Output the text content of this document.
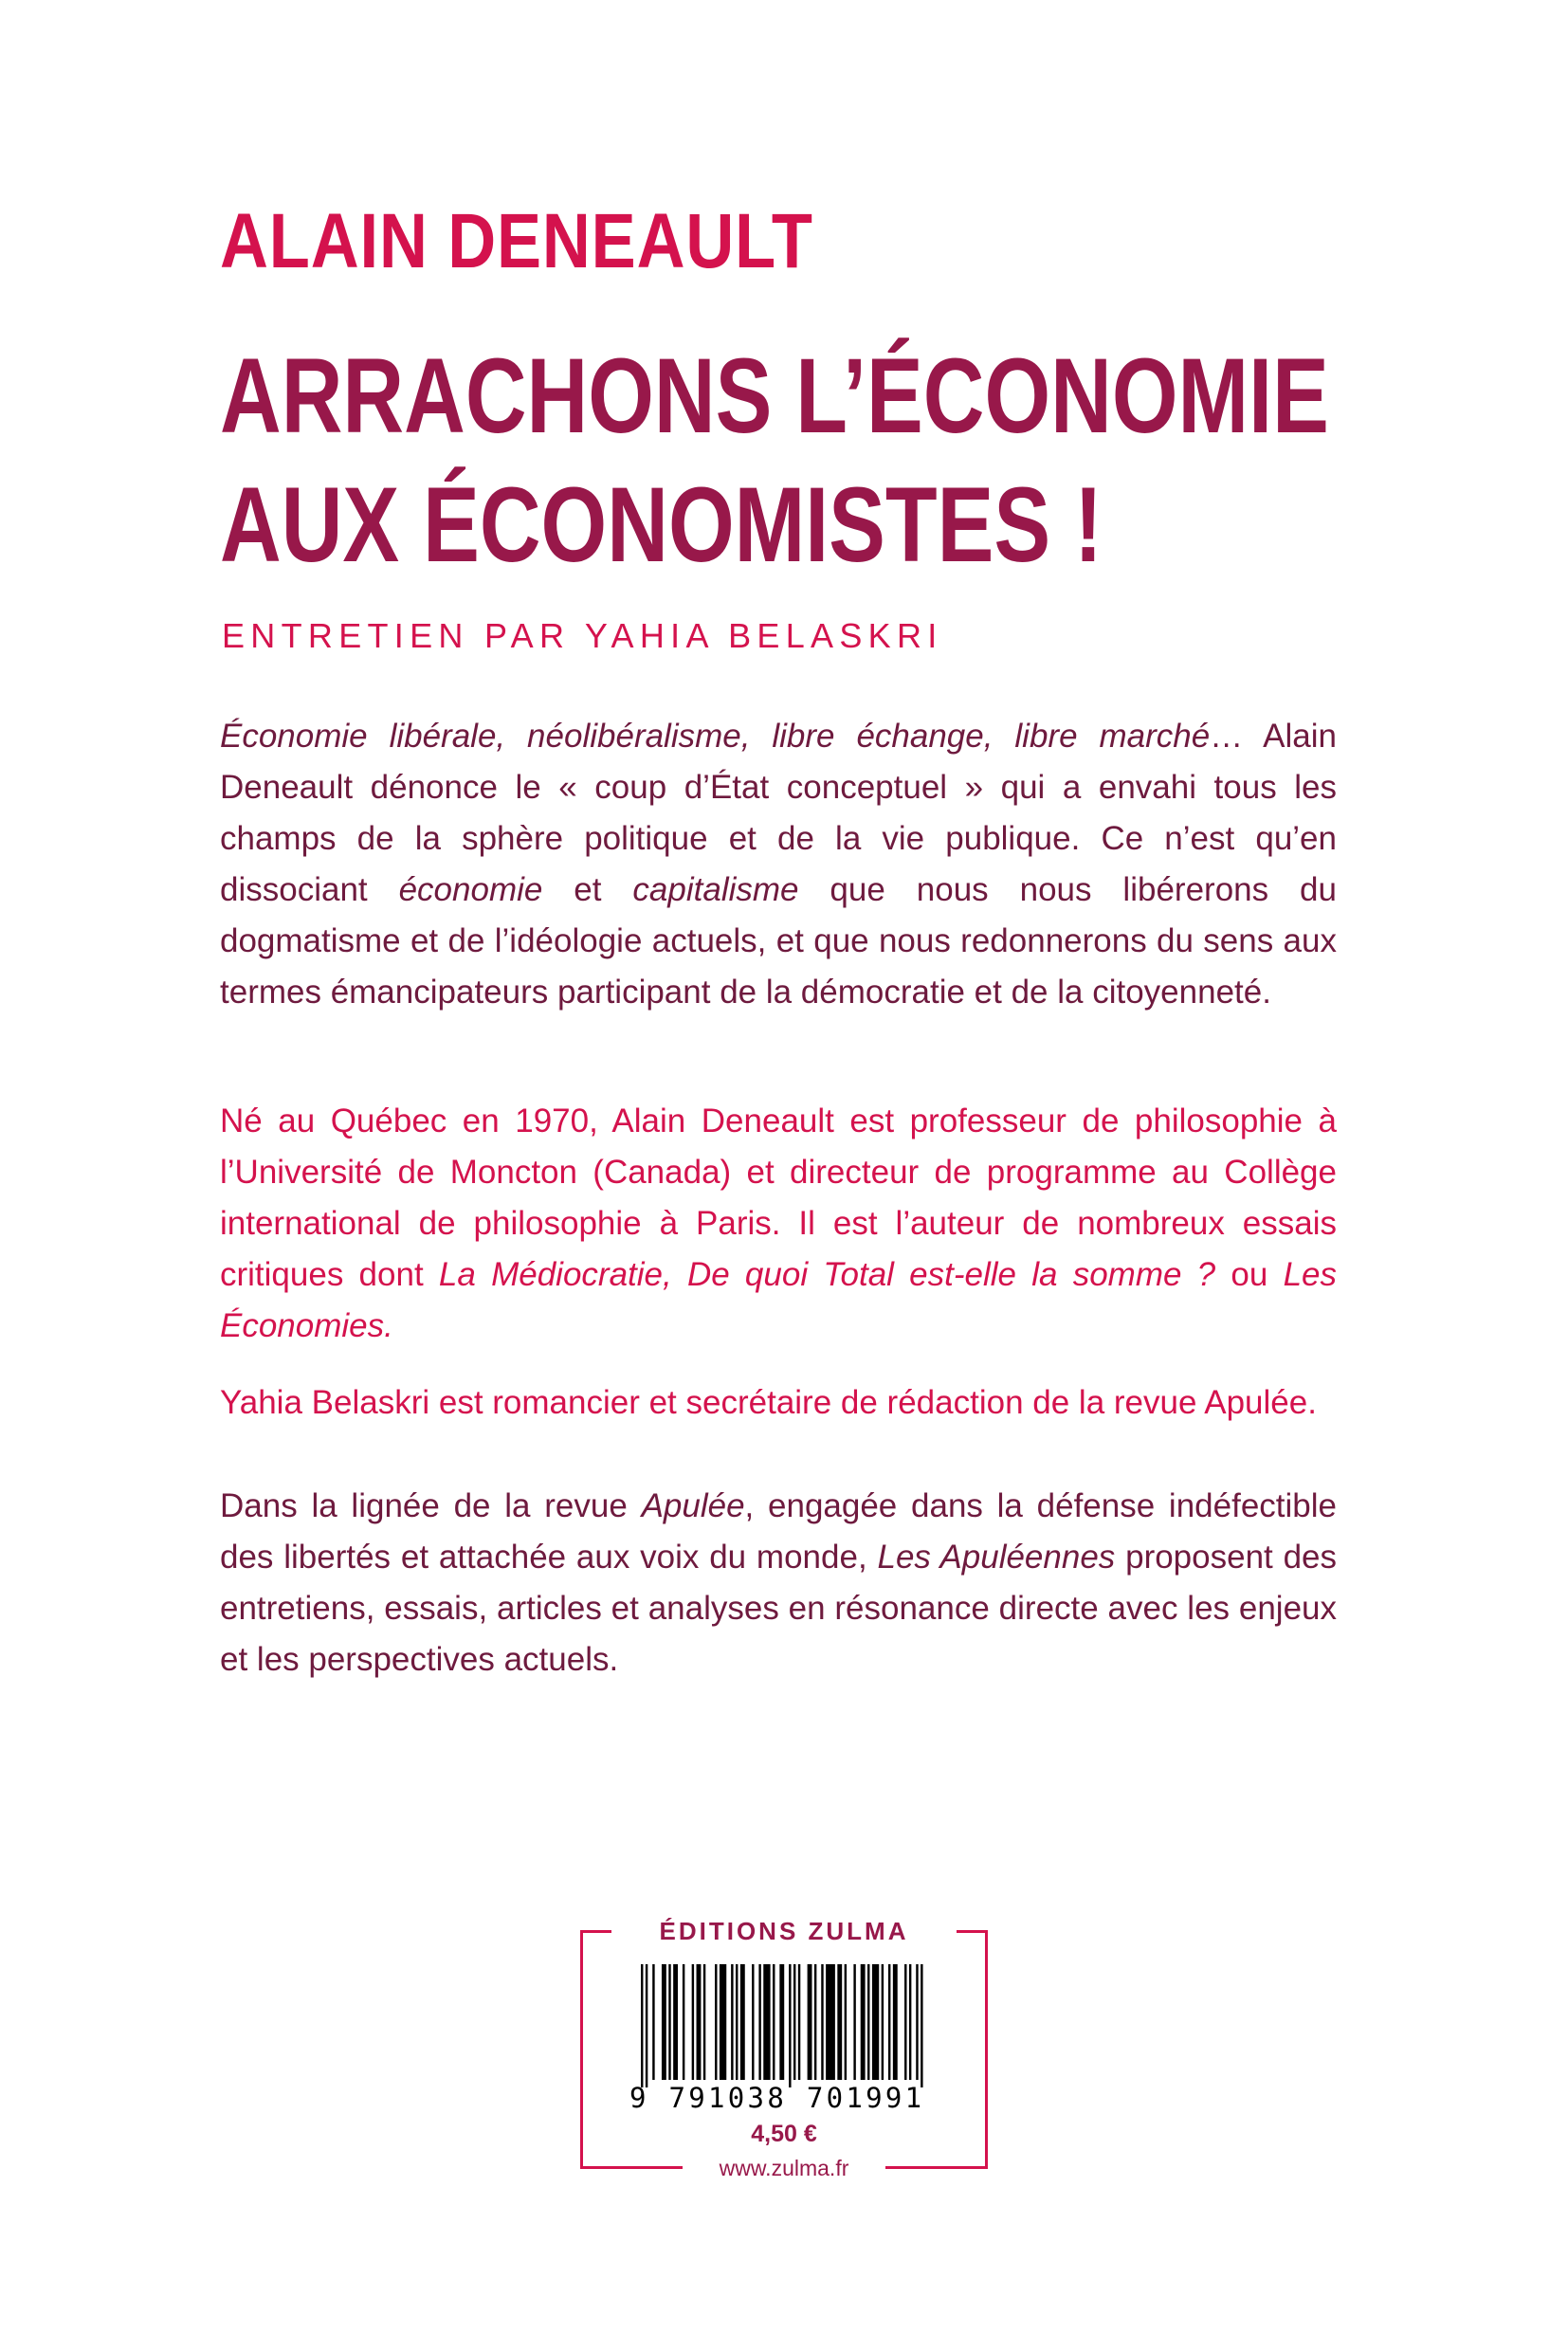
ALAIN DENEAULT
ARRACHONS L’ÉCONOMIE
AUX ÉCONOMISTES !
ENTRETIEN PAR YAHIA BELASKRI

Économie libérale, néolibéralisme, libre échange, libre marché… Alain Deneault dénonce le « coup d’État conceptuel » qui a envahi tous les champs de la sphère politique et de la vie publique. Ce n’est qu’en dissociant économie et capitalisme que nous nous libérerons du dogmatisme et de l’idéologie actuels, et que nous redonnerons du sens aux termes émancipateurs participant de la démocratie et de la citoyenneté.

Né au Québec en 1970, Alain Deneault est professeur de philosophie à l’Université de Moncton (Canada) et directeur de programme au Collège international de philosophie à Paris. Il est l’auteur de nombreux essais critiques dont La Médiocratie, De quoi Total est-elle la somme ? ou Les Économies.

Yahia Belaskri est romancier et secrétaire de rédaction de la revue Apulée.

Dans la lignée de la revue Apulée, engagée dans la défense indéfectible des libertés et attachée aux voix du monde, Les Apuléennes proposent des entretiens, essais, articles et analyses en résonance directe avec les enjeux et les perspectives actuels.

ÉDITIONS ZULMA
9 791038 701991
4,50 €
www.zulma.fr
